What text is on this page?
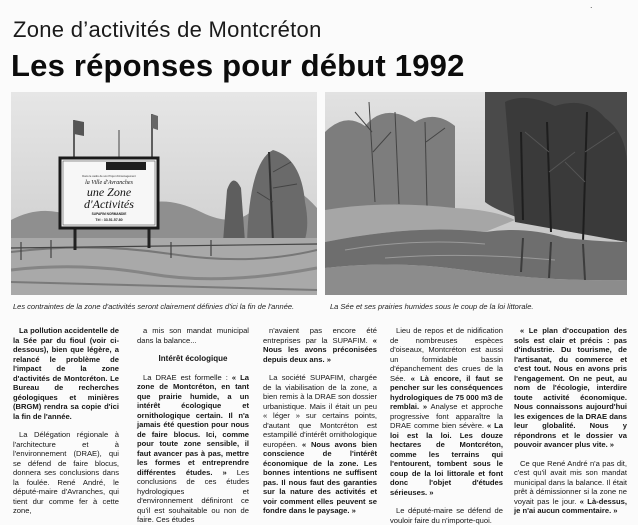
.
Zone d’activités de Montcréton
Les réponses pour début 1992
Dans le cadre de son Projet d'Aménagement
la Ville d'Avranches
une Zone
d'Activités
SUPAFIM NORMANDIE
Tél : 33.51.57.80
Les contraintes de la zone d'activités seront clairement définies d'ici la fin de l'année.	La Sée et ses prairies humides sous le coup de la loi littorale.

La pollution accidentelle de la Sée par du fioul (voir ci-dessous), bien que légère, a relancé le problème de l'impact de la zone d'activités de Montcréton. Le Bureau de recherches géologiques et minières (BRGM) rendra sa copie d'ici la fin de l'année.

La Délégation régionale à l'architecture et à l'environnement (DRAE), qui se défend de faire blocus, donnera ses conclusions dans la foulée. René André, le député-maire d'Avranches, qui tient dur comme fer à cette zone,

a mis son mandat municipal dans la balance...

Intérêt écologique

La DRAE est formelle : « La zone de Montcréton, en tant que prairie humide, a un intérêt écologique et ornithologique certain. Il n'a jamais été question pour nous de faire blocus. Ici, comme pour toute zone sensible, il faut avancer pas à pas, mettre les formes et entreprendre différentes études. » Les conclusions de ces études hydrologiques et d'environnement définiront ce qu'il est souhaitable ou non de faire. Ces études

n'avaient pas encore été entreprises par la SUPAFIM. « Nous les avons préconisées depuis deux ans. »

La société SUPAFIM, chargée de la viabilisation de la zone, a bien remis à la DRAE son dossier urbanistique. Mais il était un peu « léger » sur certains points, d'autant que Montcréton est estampillé d'intérêt ornithologique européen. « Nous avons bien conscience de l'intérêt économique de la zone. Les bonnes intentions ne suffisent pas. Il nous faut des garanties sur la nature des activités et voir comment elles peuvent se fondre dans le paysage. »

Lieu de repos et de nidification de nombreuses espèces d'oiseaux, Montcréton est aussi un formidable bassin d'épanchement des crues de la Sée. « Là encore, il faut se pencher sur les conséquences hydrologiques de 75 000 m3 de remblai. » Analyse et approche progressive font apparaître la DRAE comme bien sévère. « La loi est la loi. Les douze hectares de Montcréton, comme les terrains qui l'entourent, tombent sous le coup de la loi littorale et font donc l'objet d'études sérieuses. »

Le député-maire se défend de vouloir faire du n'importe-quoi.

« Le plan d'occupation des sols est clair et précis : pas d'industrie. Du tourisme, de l'artisanat, du commerce et c'est tout. Nous en avons pris l'engagement. On ne peut, au nom de l'écologie, interdire toute activité économique. Nous connaissons aujourd'hui les exigences de la DRAE dans leur globalité. Nous y répondrons et le dossier va pouvoir avancer plus vite. »

Ce que René André n'a pas dit, c'est qu'il avait mis son mandat municipal dans la balance. Il était prêt à démissionner si la zone ne voyait pas le jour. « Là-dessus, je n'ai aucun commentaire. »
